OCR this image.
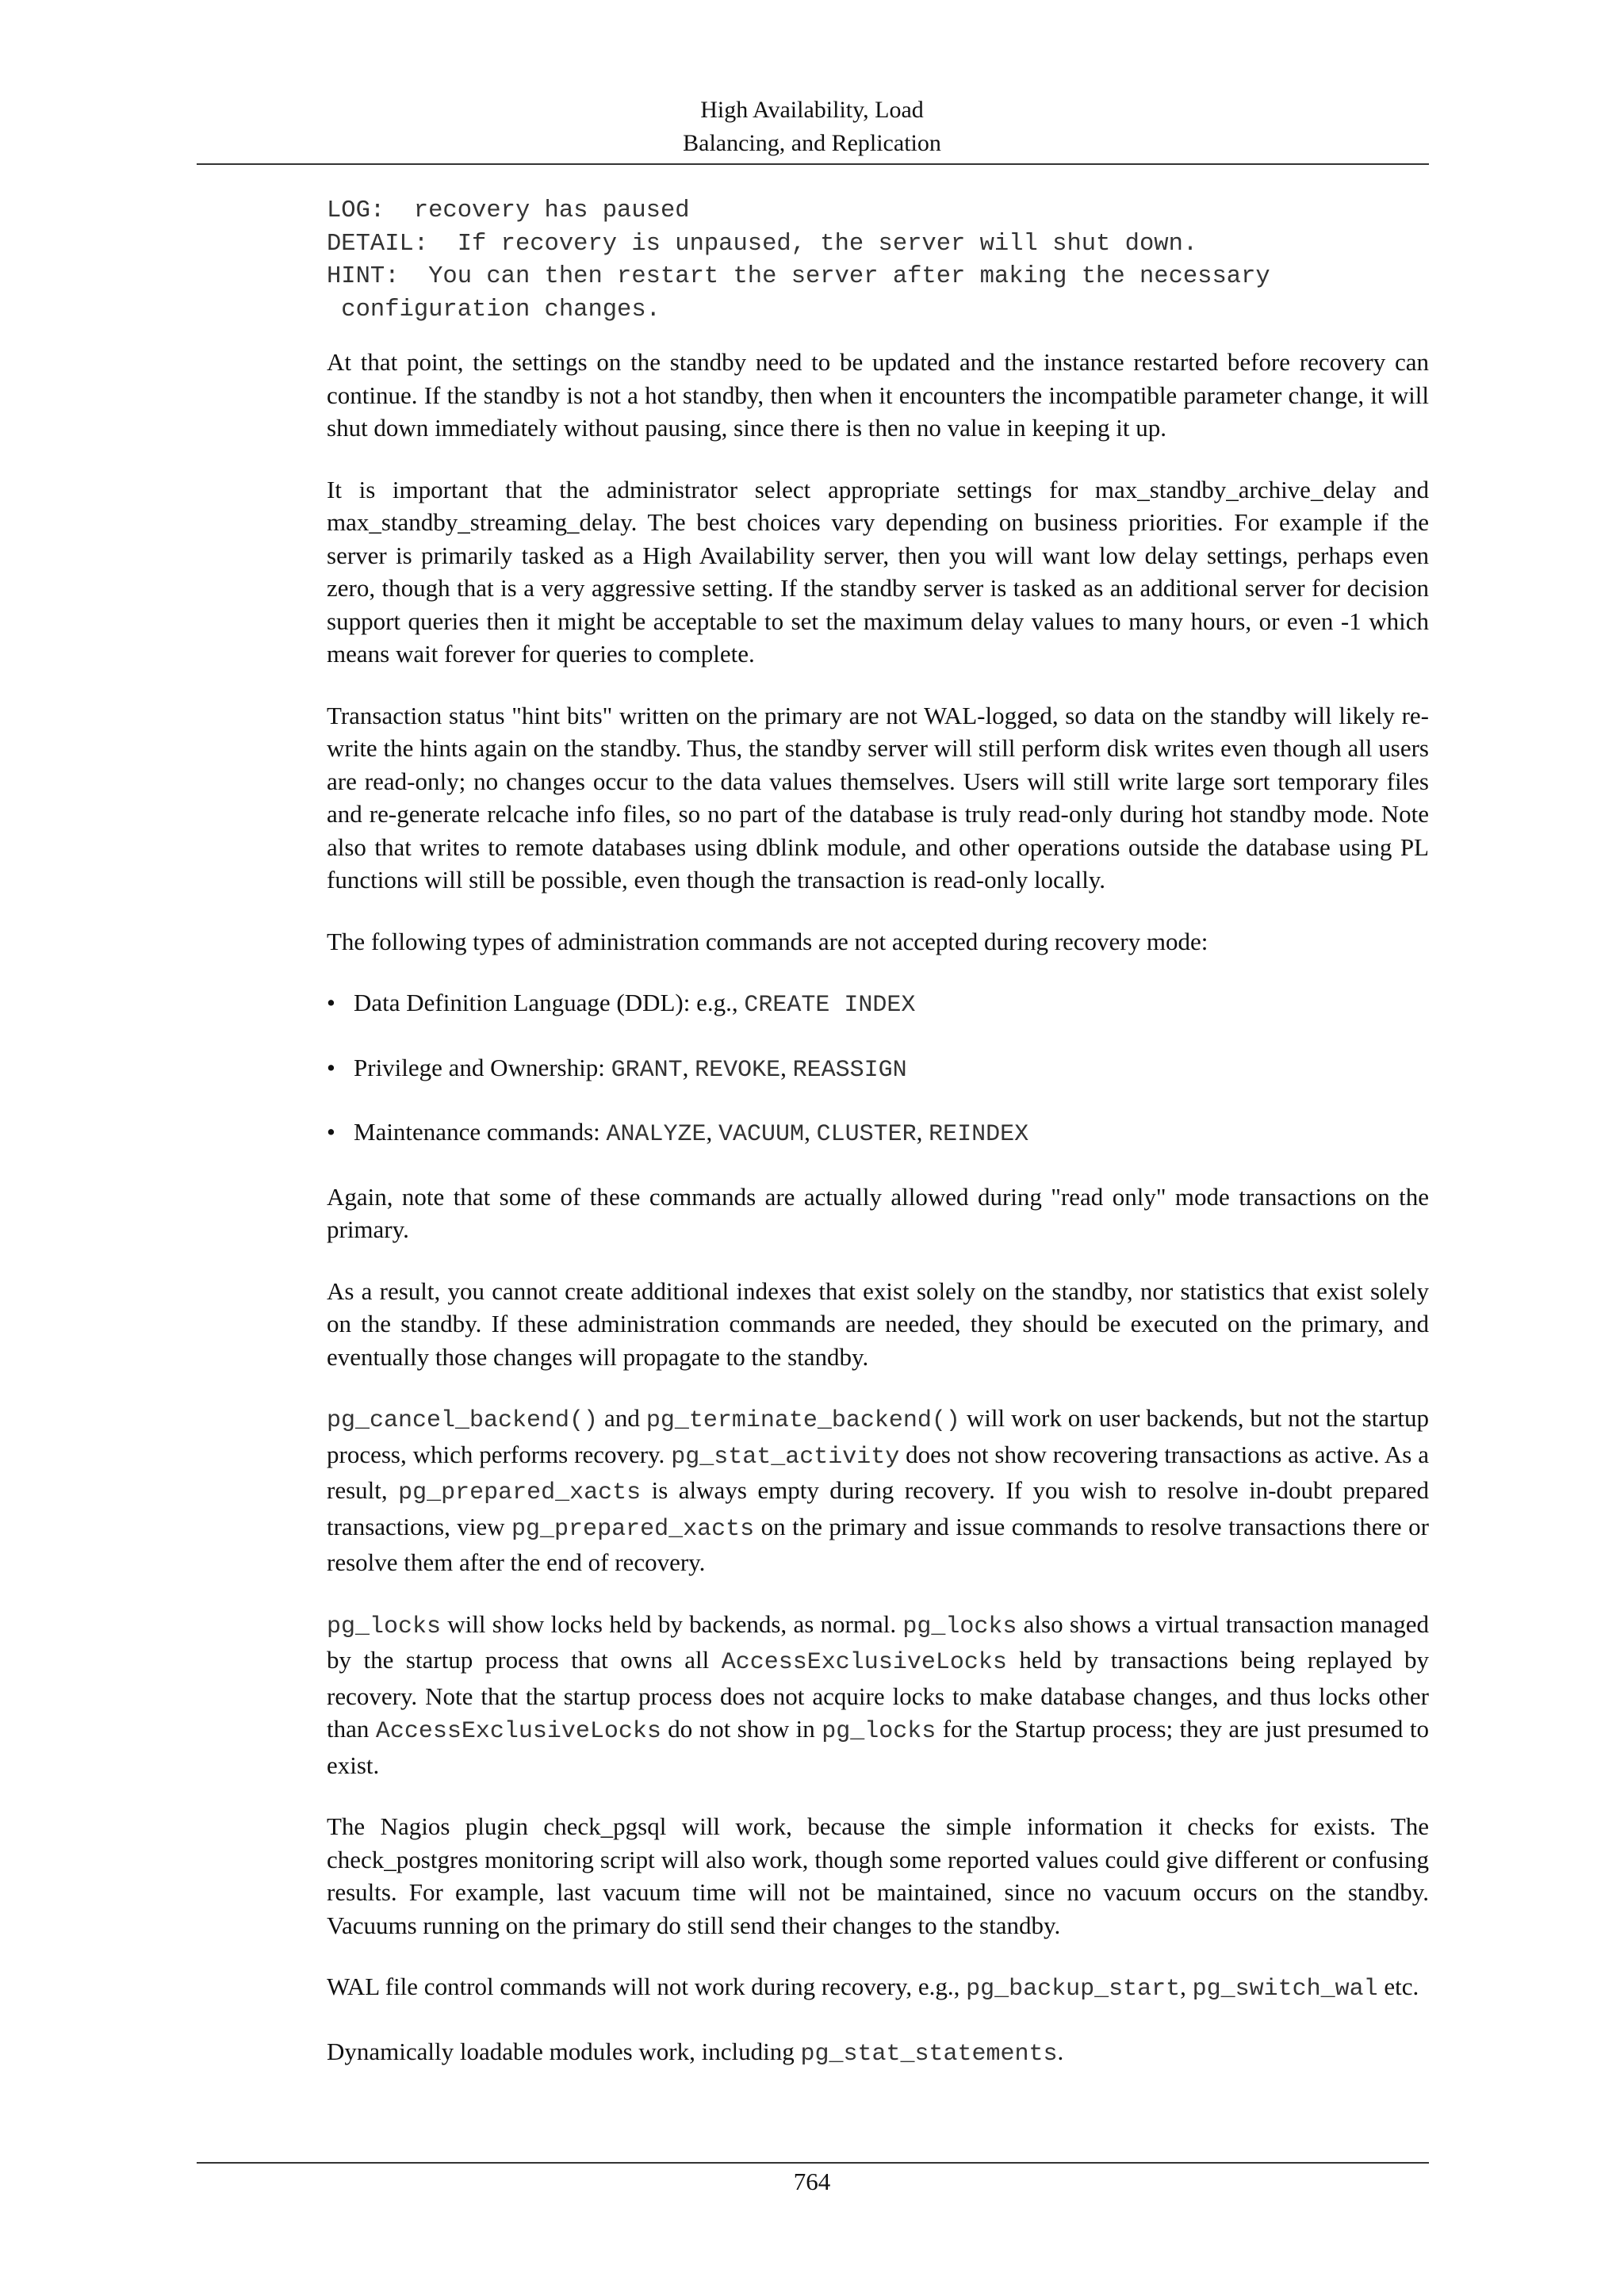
High Availability, Load
Balancing, and Replication
LOG:  recovery has paused
DETAIL:  If recovery is unpaused, the server will shut down.
HINT:  You can then restart the server after making the necessary
configuration changes.

At that point, the settings on the standby need to be updated and the instance restarted before recovery can continue. If the standby is not a hot standby, then when it encounters the incompatible parameter change, it will shut down immediately without pausing, since there is then no value in keeping it up.

It is important that the administrator select appropriate settings for max_standby_archive_delay and max_standby_streaming_delay. The best choices vary depending on business priorities. For example if the server is primarily tasked as a High Availability server, then you will want low delay settings, perhaps even zero, though that is a very aggressive setting. If the standby server is tasked as an additional server for decision support queries then it might be acceptable to set the maximum delay values to many hours, or even -1 which means wait forever for queries to complete.

Transaction status "hint bits" written on the primary are not WAL-logged, so data on the standby will likely re-write the hints again on the standby. Thus, the standby server will still perform disk writes even though all users are read-only; no changes occur to the data values themselves. Users will still write large sort temporary files and re-generate relcache info files, so no part of the database is truly read-only during hot standby mode. Note also that writes to remote databases using dblink module, and other operations outside the database using PL functions will still be possible, even though the transaction is read-only locally.

The following types of administration commands are not accepted during recovery mode:

• Data Definition Language (DDL): e.g., CREATE INDEX
• Privilege and Ownership: GRANT, REVOKE, REASSIGN
• Maintenance commands: ANALYZE, VACUUM, CLUSTER, REINDEX

Again, note that some of these commands are actually allowed during "read only" mode transactions on the primary.

As a result, you cannot create additional indexes that exist solely on the standby, nor statistics that exist solely on the standby. If these administration commands are needed, they should be executed on the primary, and eventually those changes will propagate to the standby.

pg_cancel_backend() and pg_terminate_backend() will work on user backends, but not the startup process, which performs recovery. pg_stat_activity does not show recovering transactions as active. As a result, pg_prepared_xacts is always empty during recovery. If you wish to resolve in-doubt prepared transactions, view pg_prepared_xacts on the primary and issue commands to resolve transactions there or resolve them after the end of recovery.

pg_locks will show locks held by backends, as normal. pg_locks also shows a virtual transaction managed by the startup process that owns all AccessExclusiveLocks held by transactions being replayed by recovery. Note that the startup process does not acquire locks to make database changes, and thus locks other than AccessExclusiveLocks do not show in pg_locks for the Startup process; they are just presumed to exist.

The Nagios plugin check_pgsql will work, because the simple information it checks for exists. The check_postgres monitoring script will also work, though some reported values could give different or confusing results. For example, last vacuum time will not be maintained, since no vacuum occurs on the standby. Vacuums running on the primary do still send their changes to the standby.

WAL file control commands will not work during recovery, e.g., pg_backup_start, pg_switch_wal etc.

Dynamically loadable modules work, including pg_stat_statements.

764
